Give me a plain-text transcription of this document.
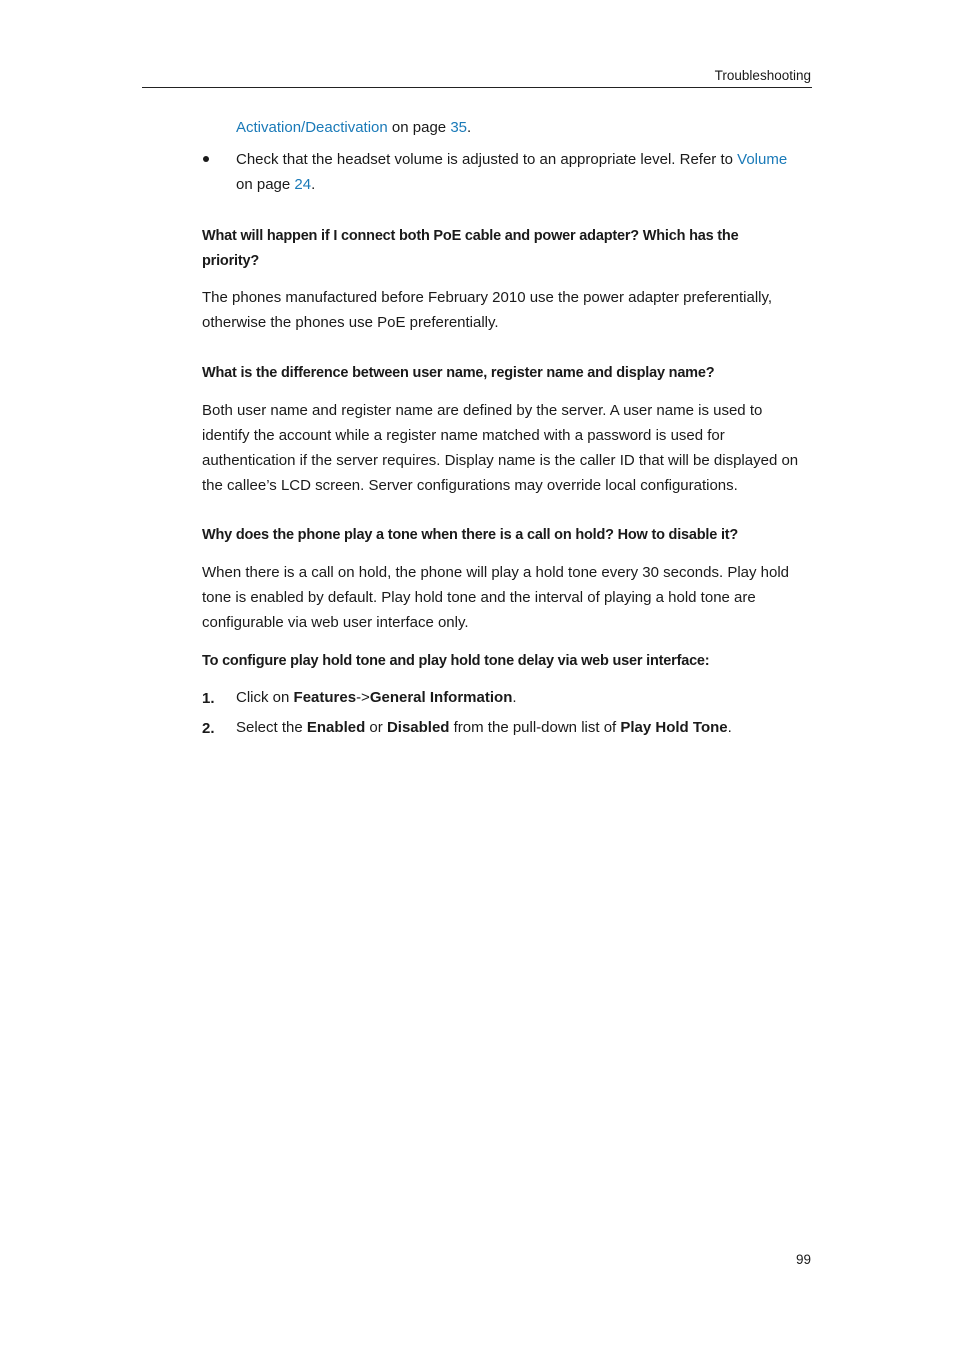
Troubleshooting
Activation/Deactivation on page 35.
Check that the headset volume is adjusted to an appropriate level. Refer to Volume
on page 24.
What will happen if I connect both PoE cable and power adapter? Which has the priority?
The phones manufactured before February 2010 use the power adapter preferentially, otherwise the phones use PoE preferentially.
What is the difference between user name, register name and display name?
Both user name and register name are defined by the server. A user name is used to identify the account while a register name matched with a password is used for authentication if the server requires. Display name is the caller ID that will be displayed on the callee’s LCD screen. Server configurations may override local configurations.
Why does the phone play a tone when there is a call on hold? How to disable it?
When there is a call on hold, the phone will play a hold tone every 30 seconds. Play hold tone is enabled by default. Play hold tone and the interval of playing a hold tone are configurable via web user interface only.
To configure play hold tone and play hold tone delay via web user interface:
1. Click on Features->General Information.
2. Select the Enabled or Disabled from the pull-down list of Play Hold Tone.
99
